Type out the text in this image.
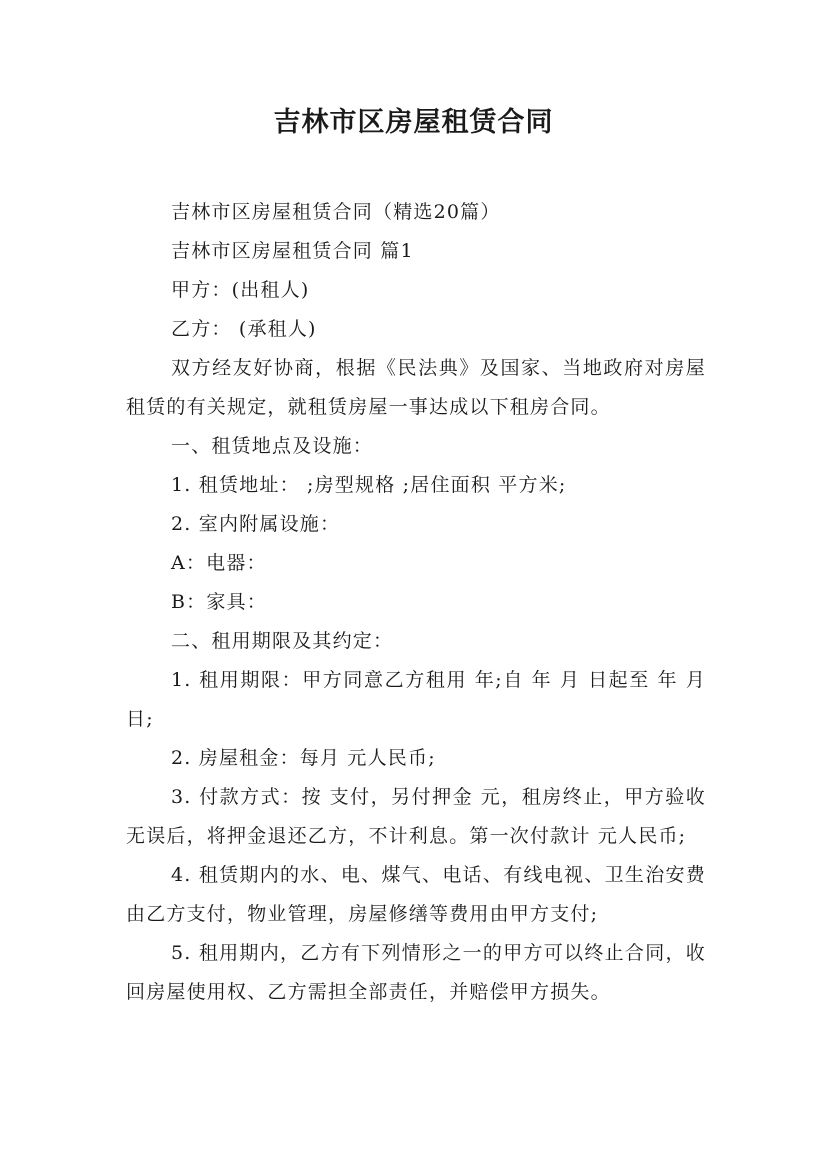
吉林市区房屋租赁合同

吉林市区房屋租赁合同（精选20篇）

吉林市区房屋租赁合同 篇1

甲方：(出租人)

乙方： (承租人)

双方经友好协商，根据《民法典》及国家、当地政府对房屋租赁的有关规定，就租赁房屋一事达成以下租房合同。

一、租赁地点及设施：

1. 租赁地址： ;房型规格 ;居住面积 平方米;

2. 室内附属设施：

A：电器：

B：家具：

二、租用期限及其约定：

1. 租用期限：甲方同意乙方租用 年;自 年 月 日起至 年 月 日;

2. 房屋租金：每月 元人民币;

3. 付款方式：按 支付，另付押金 元，租房终止，甲方验收无误后，将押金退还乙方，不计利息。第一次付款计 元人民币;

4. 租赁期内的水、电、煤气、电话、有线电视、卫生治安费由乙方支付，物业管理，房屋修缮等费用由甲方支付;

5. 租用期内，乙方有下列情形之一的甲方可以终止合同，收回房屋使用权、乙方需担全部责任，并赔偿甲方损失。
